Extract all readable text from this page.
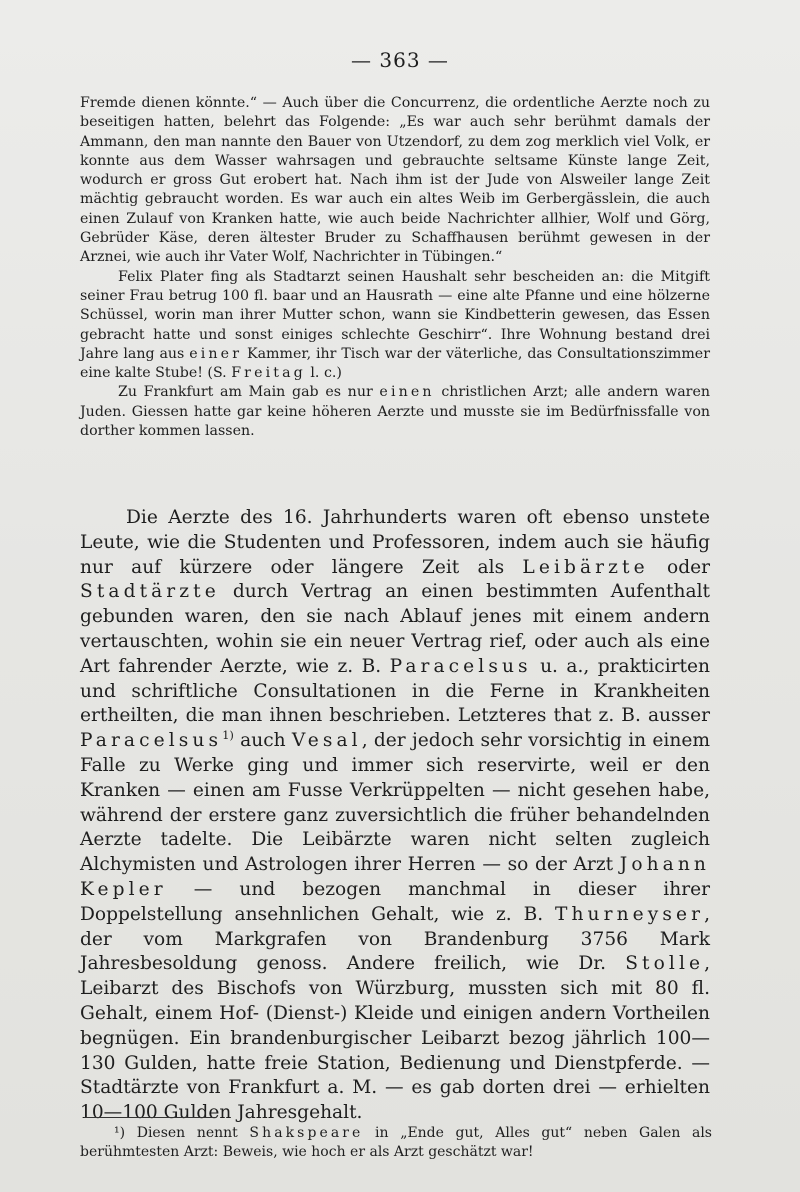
— 363 —

Fremde dienen könnte.“ — Auch über die Concurrenz, die ordentliche Aerzte noch zu beseitigen hatten, belehrt das Folgende: „Es war auch sehr berühmt damals der Ammann, den man nannte den Bauer von Utzendorf, zu dem zog merklich viel Volk, er konnte aus dem Wasser wahrsagen und gebrauchte seltsame Künste lange Zeit, wodurch er gross Gut erobert hat. Nach ihm ist der Jude von Alsweiler lange Zeit mächtig gebraucht worden. Es war auch ein altes Weib im Gerbergässlein, die auch einen Zulauf von Kranken hatte, wie auch beide Nachrichter allhier, Wolf und Görg, Gebrüder Käse, deren ältester Bruder zu Schaffhausen berühmt gewesen in der Arznei, wie auch ihr Vater Wolf, Nachrichter in Tübingen.“

Felix Plater fing als Stadtarzt seinen Haushalt sehr bescheiden an: die Mitgift seiner Frau betrug 100 fl. baar und an Hausrath — eine alte Pfanne und eine hölzerne Schüssel, worin man ihrer Mutter schon, wann sie Kindbetterin gewesen, das Essen gebracht hatte und sonst einiges schlechte Geschirr“. Ihre Wohnung bestand drei Jahre lang aus einer Kammer, ihr Tisch war der väterliche, das Consultationszimmer eine kalte Stube! (S. Freitag l. c.)

Zu Frankfurt am Main gab es nur einen christlichen Arzt; alle andern waren Juden. Giessen hatte gar keine höheren Aerzte und musste sie im Bedürfnissfalle von dorther kommen lassen.

Die Aerzte des 16. Jahrhunderts waren oft ebenso unstete Leute, wie die Studenten und Professoren, indem auch sie häufig nur auf kürzere oder längere Zeit als Leibärzte oder Stadtärzte durch Vertrag an einen bestimmten Aufenthalt gebunden waren, den sie nach Ablauf jenes mit einem andern vertauschten, wohin sie ein neuer Vertrag rief, oder auch als eine Art fahrender Aerzte, wie z. B. Paracelsus u. a., prakticirten und schriftliche Consultationen in die Ferne in Krankheiten ertheilten, die man ihnen beschrieben. Letzteres that z. B. ausser Paracelsus$^{1)}$ auch Vesal, der jedoch sehr vorsichtig in einem Falle zu Werke ging und immer sich reservirte, weil er den Kranken — einen am Fusse Verkrüppelten — nicht gesehen habe, während der erstere ganz zuversichtlich die früher behandelnden Aerzte tadelte. Die Leibärzte waren nicht selten zugleich Alchymisten und Astrologen ihrer Herren — so der Arzt Johann Kepler — und bezogen manchmal in dieser ihrer Doppelstellung ansehnlichen Gehalt, wie z. B. Thurneyser, der vom Markgrafen von Brandenburg 3756 Mark Jahresbesoldung genoss. Andere freilich, wie Dr. Stolle, Leibarzt des Bischofs von Würzburg, mussten sich mit 80 fl. Gehalt, einem Hof- (Dienst-) Kleide und einigen andern Vortheilen begnügen. Ein brandenburgischer Leibarzt bezog jährlich 100—130 Gulden, hatte freie Station, Bedienung und Dienstpferde. — Stadtärzte von Frankfurt a. M. — es gab dorten drei — erhielten 10—100 Gulden Jahresgehalt.

¹) Diesen nennt Shakspeare in „Ende gut, Alles gut“ neben Galen als berühmtesten Arzt: Beweis, wie hoch er als Arzt geschätzt war!
